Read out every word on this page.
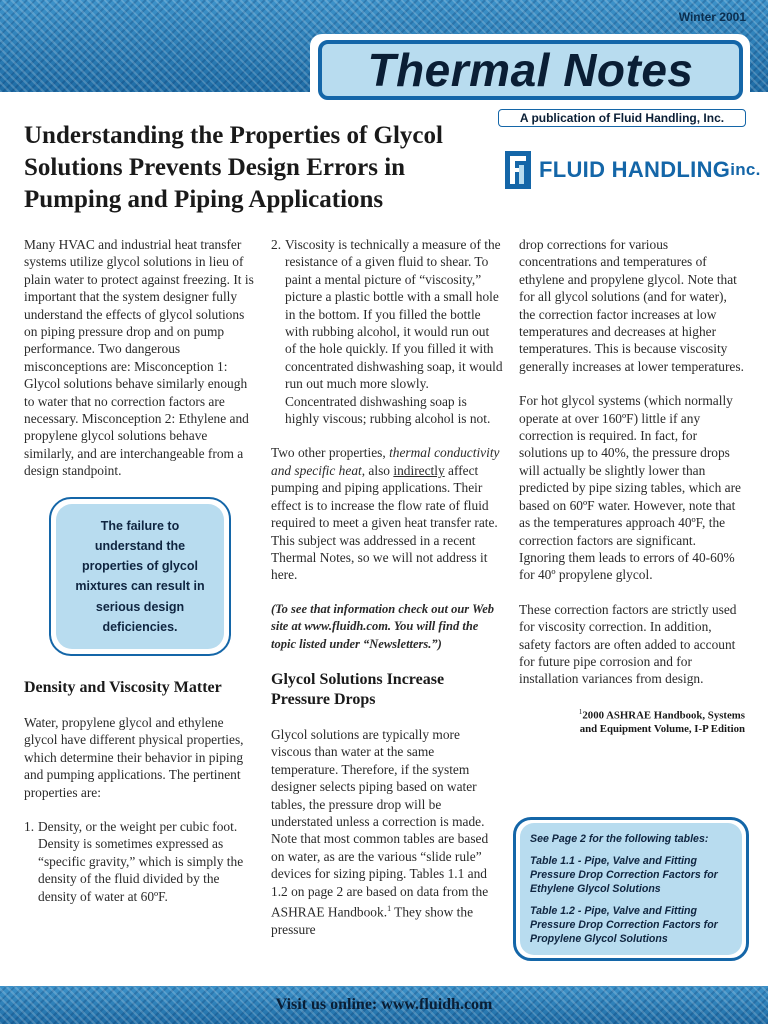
Winter 2001
Thermal Notes
A publication of Fluid Handling, Inc.
Understanding the Properties of Glycol Solutions Prevents Design Errors in Pumping and Piping Applications
FLUID HANDLING inc.

Many HVAC and industrial heat transfer systems utilize glycol solutions in lieu of plain water to protect against freezing. It is important that the system designer fully understand the effects of glycol solutions on piping pressure drop and on pump performance. Two dangerous misconceptions are: Misconception 1: Glycol solutions behave similarly enough to water that no correction factors are necessary. Misconception 2: Ethylene and propylene glycol solutions behave similarly, and are interchangeable from a design standpoint.

The failure to understand the properties of glycol mixtures can result in serious design deficiencies.
Density and Viscosity Matter

Water, propylene glycol and ethylene glycol have different physical properties, which determine their behavior in piping and pumping applications. The pertinent properties are:

1. Density, or the weight per cubic foot. Density is sometimes expressed as “specific gravity,” which is simply the density of the fluid divided by the density of water at 60ºF.
2. Viscosity is technically a measure of the resistance of a given fluid to shear. To paint a mental picture of “viscosity,” picture a plastic bottle with a small hole in the bottom. If you filled the bottle with rubbing alcohol, it would run out of the hole quickly. If you filled it with concentrated dishwashing soap, it would run out much more slowly. Concentrated dishwashing soap is highly viscous; rubbing alcohol is not.

Two other properties, thermal conductivity and specific heat, also indirectly affect pumping and piping applications. Their effect is to increase the flow rate of fluid required to meet a given heat transfer rate. This subject was addressed in a recent Thermal Notes, so we will not address it here.

(To see that information check out our Web site at www.fluidh.com. You will find the topic listed under “Newsletters.”)

Glycol Solutions Increase Pressure Drops

Glycol solutions are typically more viscous than water at the same temperature. Therefore, if the system designer selects piping based on water tables, the pressure drop will be understated unless a correction is made. Note that most common tables are based on water, as are the various “slide rule” devices for sizing piping. Tables 1.1 and 1.2 on page 2 are based on data from the ASHRAE Handbook.$^1$ They show the pressure

drop corrections for various concentrations and temperatures of ethylene and propylene glycol. Note that for all glycol solutions (and for water), the correction factor increases at low temperatures and decreases at higher temperatures. This is because viscosity generally increases at lower temperatures.

For hot glycol systems (which normally operate at over 160ºF) little if any correction is required. In fact, for solutions up to 40%, the pressure drops will actually be slightly lower than predicted by pipe sizing tables, which are based on 60ºF water. However, note that as the temperatures approach 40ºF, the correction factors are significant. Ignoring them leads to errors of 40-60% for 40º propylene glycol.

These correction factors are strictly used for viscosity correction. In addition, safety factors are often added to account for future pipe corrosion and for installation variances from design.

$^1$2000 ASHRAE Handbook, Systems
and Equipment Volume, I-P Edition
See Page 2 for the following tables:
Table 1.1 - Pipe, Valve and Fitting Pressure Drop Correction Factors for Ethylene Glycol Solutions
Table 1.2 - Pipe, Valve and Fitting Pressure Drop Correction Factors for Propylene Glycol Solutions
Visit us online: www.fluidh.com
